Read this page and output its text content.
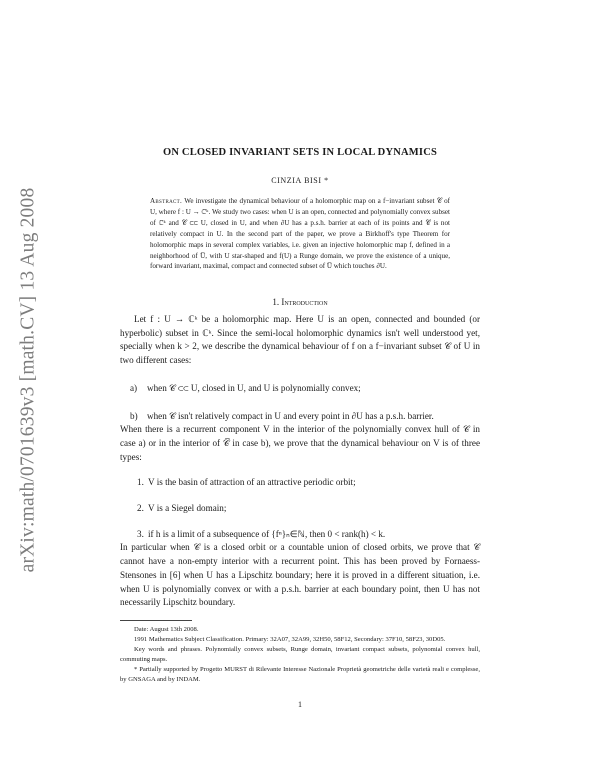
arXiv:math/0701639v3 [math.CV] 13 Aug 2008
ON CLOSED INVARIANT SETS IN LOCAL DYNAMICS
CINZIA BISI *
Abstract. We investigate the dynamical behaviour of a holomorphic map on a f−invariant subset 𝒞 of U, where f : U → ℂᵏ. We study two cases: when U is an open, connected and polynomially convex subset of ℂᵏ and 𝒞 ⊂⊂ U, closed in U, and when ∂U has a p.s.h. barrier at each of its points and 𝒞 is not relatively compact in U. In the second part of the paper, we prove a Birkhoff's type Theorem for holomorphic maps in several complex variables, i.e. given an injective holomorphic map f, defined in a neighborhood of U̅, with U star-shaped and f(U) a Runge domain, we prove the existence of a unique, forward invariant, maximal, compact and connected subset of U̅ which touches ∂U.
1. Introduction

Let f : U → ℂᵏ be a holomorphic map. Here U is an open, connected and bounded (or hyperbolic) subset in ℂᵏ. Since the semi-local holomorphic dynamics isn't well understood yet, specially when k > 2, we describe the dynamical behaviour of f on a f−invariant subset 𝒞 of U in two different cases:

a) when 𝒞 ⊂⊂ U, closed in U, and U is polynomially convex;
b) when 𝒞 isn't relatively compact in U and every point in ∂U has a p.s.h. barrier.

When there is a recurrent component V in the interior of the polynomially convex hull of 𝒞 in case a) or in the interior of 𝒞̅ in case b), we prove that the dynamical behaviour on V is of three types:

1. V is the basin of attraction of an attractive periodic orbit;
2. V is a Siegel domain;
3. if h is a limit of a subsequence of {fⁿ}ₙ∈ℕ, then 0 < rank(h) < k.

In particular when 𝒞 is a closed orbit or a countable union of closed orbits, we prove that 𝒞 cannot have a non-empty interior with a recurrent point. This has been proved by Fornaess-Stensones in [6] when U has a Lipschitz boundary; here it is proved in a different situation, i.e. when U is polynomially convex or with a p.s.h. barrier at each boundary point, then U has not necessarily Lipschitz boundary.

Date: August 13th 2008.

1991 Mathematics Subject Classification. Primary: 32A07, 32A99, 32H50, 58F12, Secondary: 37F10, 58F23, 30D05.

Key words and phrases. Polynomially convex subsets, Runge domain, invariant compact subsets, polynomial convex hull, commuting maps.

* Partially supported by Progetto MURST di Rilevante Interesse Nazionale Proprietà geometriche delle varietà reali e complesse, by GNSAGA and by INDAM.

1
